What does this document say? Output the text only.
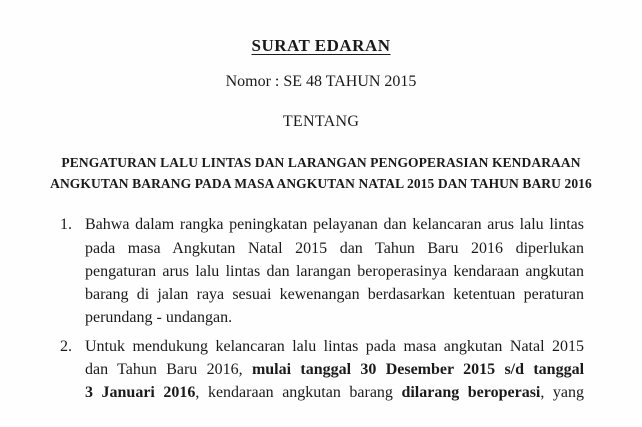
SURAT EDARAN
Nomor : SE 48 TAHUN 2015
TENTANG
PENGATURAN LALU LINTAS DAN LARANGAN PENGOPERASIAN KENDARAAN
ANGKUTAN BARANG PADA MASA ANGKUTAN NATAL 2015 DAN TAHUN BARU 2016
1. Bahwa dalam rangka peningkatan pelayanan dan kelancaran arus lalu lintas
pada masa Angkutan Natal 2015 dan Tahun Baru 2016 diperlukan
pengaturan arus lalu lintas dan larangan beroperasinya kendaraan angkutan
barang di jalan raya sesuai kewenangan berdasarkan ketentuan peraturan
perundang - undangan.
2. Untuk mendukung kelancaran lalu lintas pada masa angkutan Natal 2015
dan Tahun Baru 2016, mulai tanggal 30 Desember 2015 s/d tanggal
3 Januari 2016, kendaraan angkutan barang dilarang beroperasi, yang
